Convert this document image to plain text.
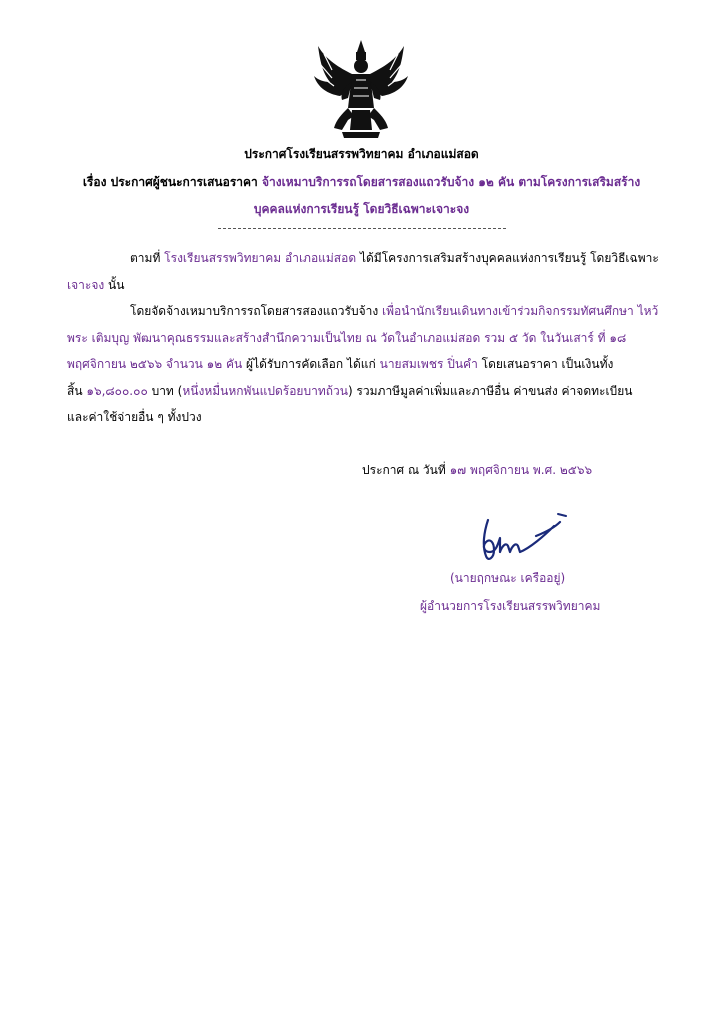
ประกาศโรงเรียนสรรพวิทยาคม อำเภอแม่สอด
เรื่อง ประกาศผู้ชนะการเสนอราคา จ้างเหมาบริการรถโดยสารสองแถวรับจ้าง ๑๒ คัน ตามโครงการเสริมสร้าง
บุคคลแห่งการเรียนรู้ โดยวิธีเฉพาะเจาะจง
ตามที่ โรงเรียนสรรพวิทยาคม อำเภอแม่สอด ได้มีโครงการเสริมสร้างบุคคลแห่งการเรียนรู้ โดยวิธีเฉพาะ
เจาะจง นั้น
โดยจัดจ้างเหมาบริการรถโดยสารสองแถวรับจ้าง เพื่อนำนักเรียนเดินทางเข้าร่วมกิจกรรมทัศนศึกษา ไหว้
พระ เติมบุญ พัฒนาคุณธรรมและสร้างสำนึกความเป็นไทย ณ วัดในอำเภอแม่สอด รวม ๕ วัด ในวันเสาร์ ที่ ๑๘
พฤศจิกายน ๒๕๖๖ จำนวน ๑๒ คัน ผู้ได้รับการคัดเลือก ได้แก่ นายสมเพชร ปิ่นคำ โดยเสนอราคา เป็นเงินทั้ง
สิ้น ๑๖,๘๐๐.๐๐ บาท (หนึ่งหมื่นหกพันแปดร้อยบาทถ้วน) รวมภาษีมูลค่าเพิ่มและภาษีอื่น ค่าขนส่ง ค่าจดทะเบียน
และค่าใช้จ่ายอื่น ๆ ทั้งปวง
ประกาศ ณ วันที่ ๑๗ พฤศจิกายน พ.ศ. ๒๕๖๖
(นายฤกษณะ เครืออยู่)
ผู้อำนวยการโรงเรียนสรรพวิทยาคม
